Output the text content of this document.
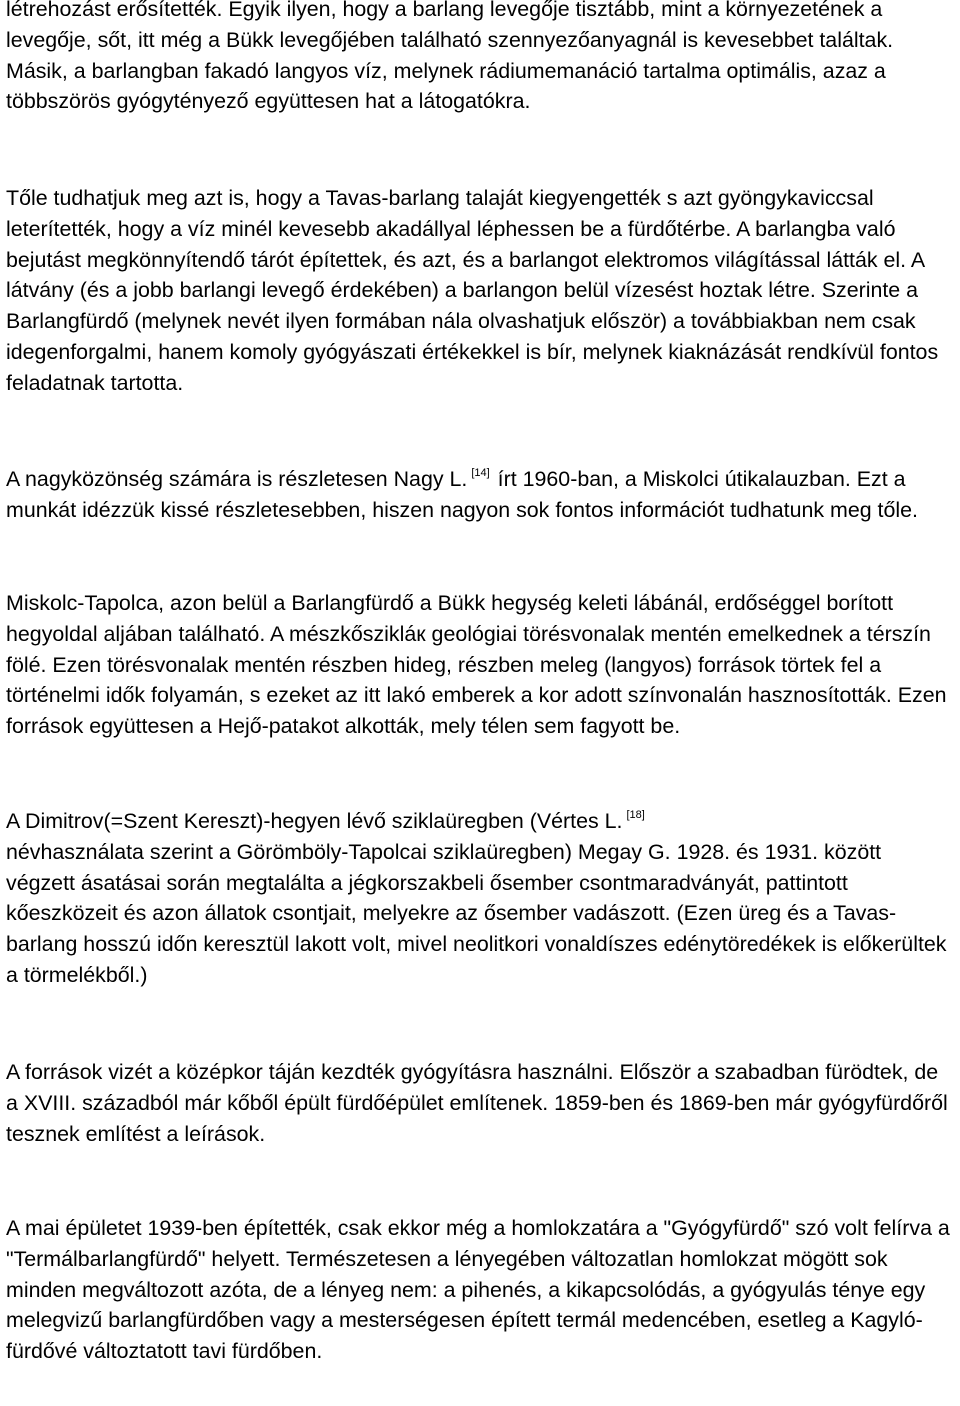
létrehozást erősítették. Egyik ilyen, hogy a barlang levegője tisztább, mint a környezetének a levegője, sőt, itt még a Bükk levegőjében található szennyezőanyagnál is kevesebbet találtak. Másik, a barlangban fakadó langyos víz, melynek rádiumemanáció tartalma optimális, azaz a többszörös gyógytényező együttesen hat a látogatókra.

Tőle tudhatjuk meg azt is, hogy a Tavas-barlang talaját kiegyengették s azt gyöngykaviccsal leterítették, hogy a víz minél kevesebb akadállyal léphessen be a fürdőtérbe. A barlangba való bejutást megkönnyítendő tárót építettek, és azt, és a barlangot elektromos világítással látták el. A látvány (és a jobb barlangi levegő érdekében) a barlangon belül vízesést hoztak létre. Szerinte a Barlangfürdő (melynek nevét ilyen formában nála olvashatjuk először) a továbbiakban nem csak idegenforgalmi, hanem komoly gyógyászati értékekkel is bír, melynek kiaknázását rendkívül fontos feladatnak tartotta.

A nagyközönség számára is részletesen Nagy L. [14] írt 1960-ban, a Miskolci útikalauzban. Ezt a munkát idézzük kissé részletesebben, hiszen nagyon sok fontos információt tudhatunk meg tőle.

Miskolc-Tapolca, azon belül a Barlangfürdő a Bükk hegység keleti lábánál, erdőséggel borított hegyoldal aljában található. A mészkőszikláк geológiai törésvonalak mentén emelkednek a térszín fölé. Ezen törésvonalak mentén részben hideg, részben meleg (langyos) források törtek fel a történelmi idők folyamán, s ezeket az itt lakó emberek a kor adott színvonalán hasznosították. Ezen források együttesen a Hejő-patakot alkották, mely télen sem fagyott be.

A Dimitrov(=Szent Kereszt)-hegyen lévő sziklaüregben (Vértes L. [18]
névhasználata szerint a Görömböly-Tapolcai sziklaüregben) Megay G. 1928. és 1931. között végzett ásatásai során megtalálta a jégkorszakbeli ősember csontmaradványát, pattintott kőeszközeit és azon állatok csontjait, melyekre az ősember vadászott. (Ezen üreg és a Tavas-barlang hosszú időn keresztül lakott volt, mivel neolitkori vonaldíszes edénytöredékek is előkerültek a törmelékből.)

A források vizét a középkor táján kezdték gyógyításra használni. Először a szabadban fürödtek, de a XVIII. századból már kőből épült fürdőépület említenek. 1859-ben és 1869-ben már gyógyfürdőről tesznek említést a leírások.

A mai épületet 1939-ben építették, csak ekkor még a homlokzatára a "Gyógyfürdő" szó volt felírva a "Termálbarlangfürdő" helyett. Természetesen a lényegében változatlan homlokzat mögött sok minden megváltozott azóta, de a lényeg nem: a pihenés, a kikapcsolódás, a gyógyulás ténye egy melegvizű barlangfürdőben vagy a mesterségesen épített termál medencében, esetleg a Kagyló-fürdővé változtatott tavi fürdőben.
